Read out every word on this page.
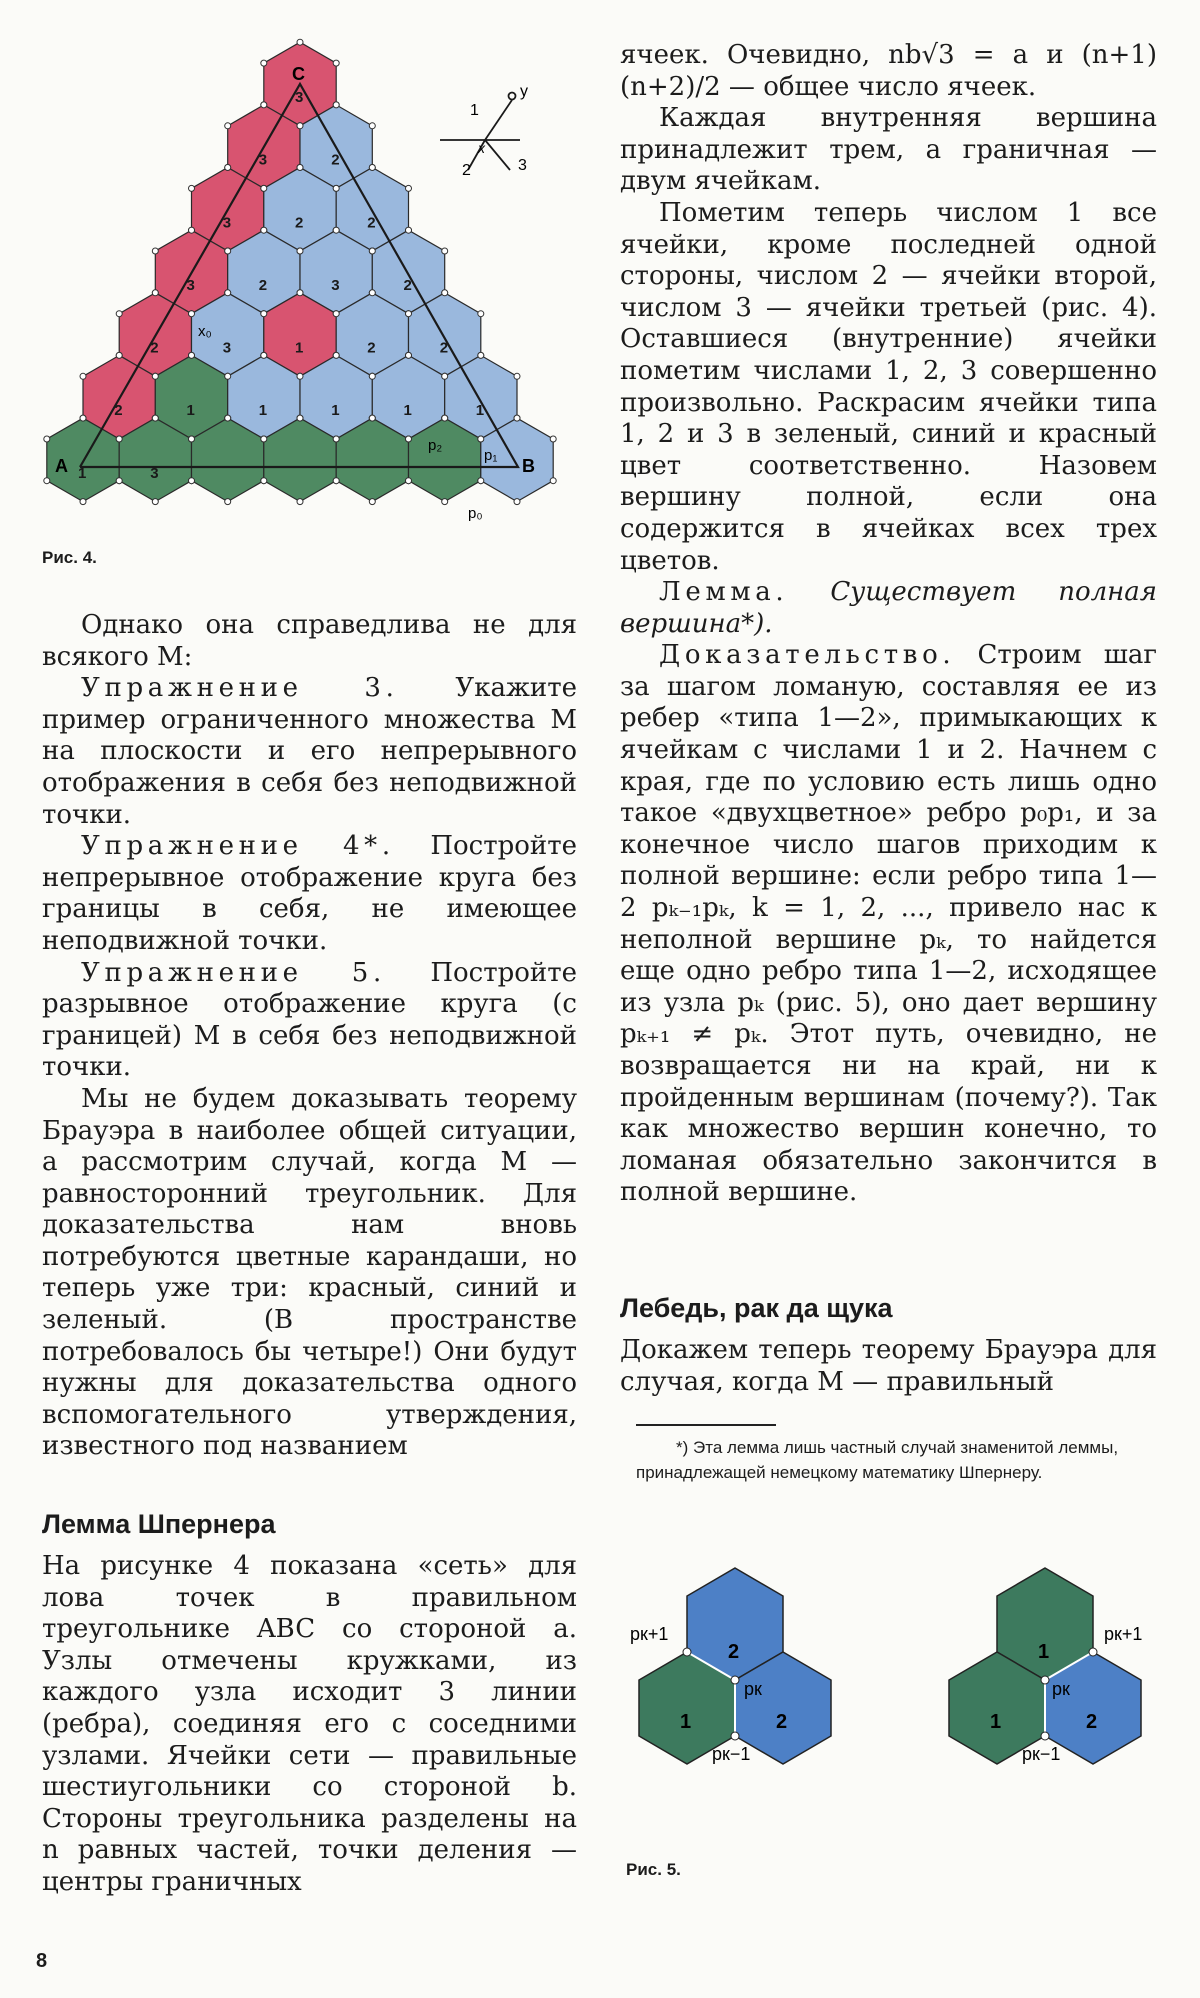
1
2	3
x
y
C
A	B
x₀
p₂
p₁
p₀
3
3	2
3	2	2
3	2	3	2
2	3	1	2	2
2	1	1	1	1	1
1	3
Рис. 4.

Однако она справедлива не для всякого M:

Упражнение 3. Укажите пример ограниченного множества M на плоскости и его непрерывного отображения в себя без неподвижной точки.

Упражнение 4*. Постройте непрерывное отображение круга без границы в себя, не имеющее неподвижной точки.

Упражнение 5. Постройте разрывное отображение круга (с границей) M в себя без неподвижной точки.

Мы не будем доказывать теорему Брауэра в наиболее общей ситуации, а рассмотрим случай, когда M — равносторонний треугольник. Для доказательства нам вновь потребуются цветные карандаши, но теперь уже три: красный, синий и зеленый. (В пространстве потребовалось бы четыре!) Они будут нужны для доказательства одного вспомогательного утверждения, известного под названием

Лемма Шпернера

На рисунке 4 показана «сеть» для лова точек в правильном треугольнике ABC со стороной a. Узлы отмечены кружками, из каждого узла исходит 3 линии (ребра), соединяя его с соседними узлами. Ячейки сети — правильные шестиугольники со стороной b. Стороны треугольника разделены на n равных частей, точки деления — центры граничных

ячеек. Очевидно, nb√3 = a и (n+1)(n+2)/2 — общее число ячеек.

Каждая внутренняя вершина принадлежит трем, а граничная — двум ячейкам.

Пометим теперь числом 1 все ячейки, кроме последней одной стороны, числом 2 — ячейки второй, числом 3 — ячейки третьей (рис. 4). Оставшиеся (внутренние) ячейки пометим числами 1, 2, 3 совершенно произвольно. Раскрасим ячейки типа 1, 2 и 3 в зеленый, синий и красный цвет соответственно. Назовем вершину полной, если она содержится в ячейках всех трех цветов.

Лемма. Существует полная вершина*).

Доказательство. Строим шаг за шагом ломаную, составляя ее из ребер «типа 1—2», примыкающих к ячейкам с числами 1 и 2. Начнем с края, где по условию есть лишь одно такое «двухцветное» ребро p₀p₁, и за конечное число шагов приходим к полной вершине: если ребро типа 1—2 pₖ₋₁pₖ, k = 1, 2, ..., привело нас к неполной вершине pₖ, то найдется еще одно ребро типа 1—2, исходящее из узла pₖ (рис. 5), оно дает вершину pₖ₊₁ ≠ pₖ. Этот путь, очевидно, не возвращается ни на край, ни к пройденным вершинам (почему?). Так как множество вершин конечно, то ломаная обязательно закончится в полной вершине.

Лебедь, рак да щука

Докажем теперь теорему Брауэра для случая, когда M — правильный

*) Эта лемма лишь частный случай знаменитой леммы, принадлежащей немецкому математику Шпернеру.
pк+1
2
pк
1	2
pк−1
1
pк+1
pк
1	2
pк−1
Рис. 5.
8
